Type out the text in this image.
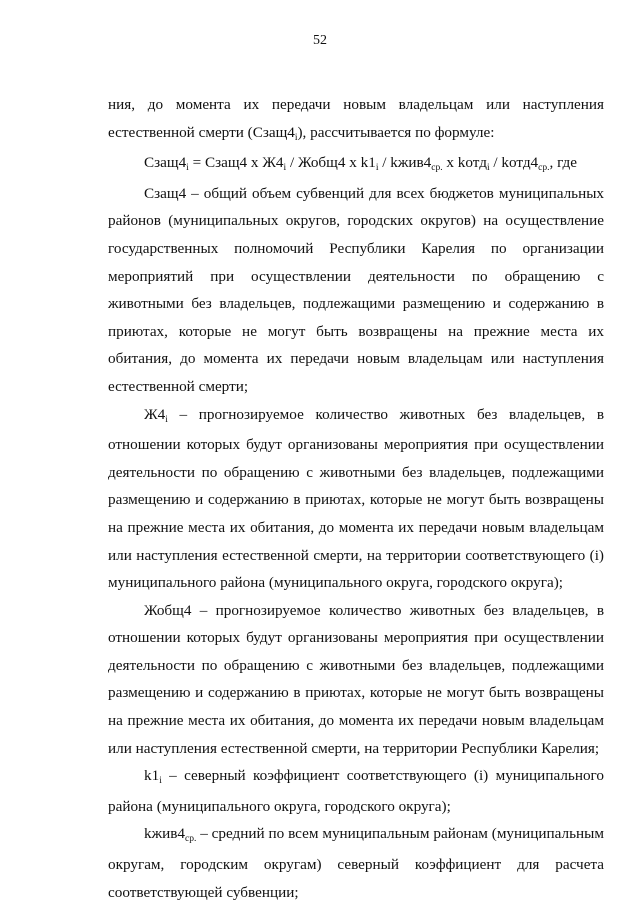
52

ния, до момента их передачи новым владельцам или наступления естественной смерти $(Cзащ4_i)$, рассчитывается по формуле:

$Cзащ4_i$ = Cзащ4 x $Ж4_i$ / Жобщ4 x $k1_i$ / $kжив4_{ср.}$ x kотд$_i$ / $kотд4_{ср.}$, где

Cзащ4 – общий объем субвенций для всех бюджетов муниципальных районов (муниципальных округов, городских округов) на осуществление государственных полномочий Республики Карелия по организации мероприятий при осуществлении деятельности по обращению с животными без владельцев, подлежащими размещению и содержанию в приютах, которые не могут быть возвращены на прежние места их обитания, до момента их передачи новым владельцам или наступления естественной смерти;

$Ж4_i$ – прогнозируемое количество животных без владельцев, в отношении которых будут организованы мероприятия при осуществлении деятельности по обращению с животными без владельцев, подлежащими размещению и содержанию в приютах, которые не могут быть возвращены на прежние места их обитания, до момента их передачи новым владельцам или наступления естественной смерти, на территории соответствующего (i) муниципального района (муниципального округа, городского округа);

Жобщ4 – прогнозируемое количество животных без владельцев, в отношении которых будут организованы мероприятия при осуществлении деятельности по обращению с животными без владельцев, подлежащими размещению и содержанию в приютах, которые не могут быть возвращены на прежние места их обитания, до момента их передачи новым владельцам или наступления естественной смерти, на территории Республики Карелия;

$k1_i$ – северный коэффициент соответствующего (i) муниципального района (муниципального округа, городского округа);

$kжив4_{ср.}$ – средний по всем муниципальным районам (муниципальным округам, городским округам) северный коэффициент для расчета соответствующей субвенции;
